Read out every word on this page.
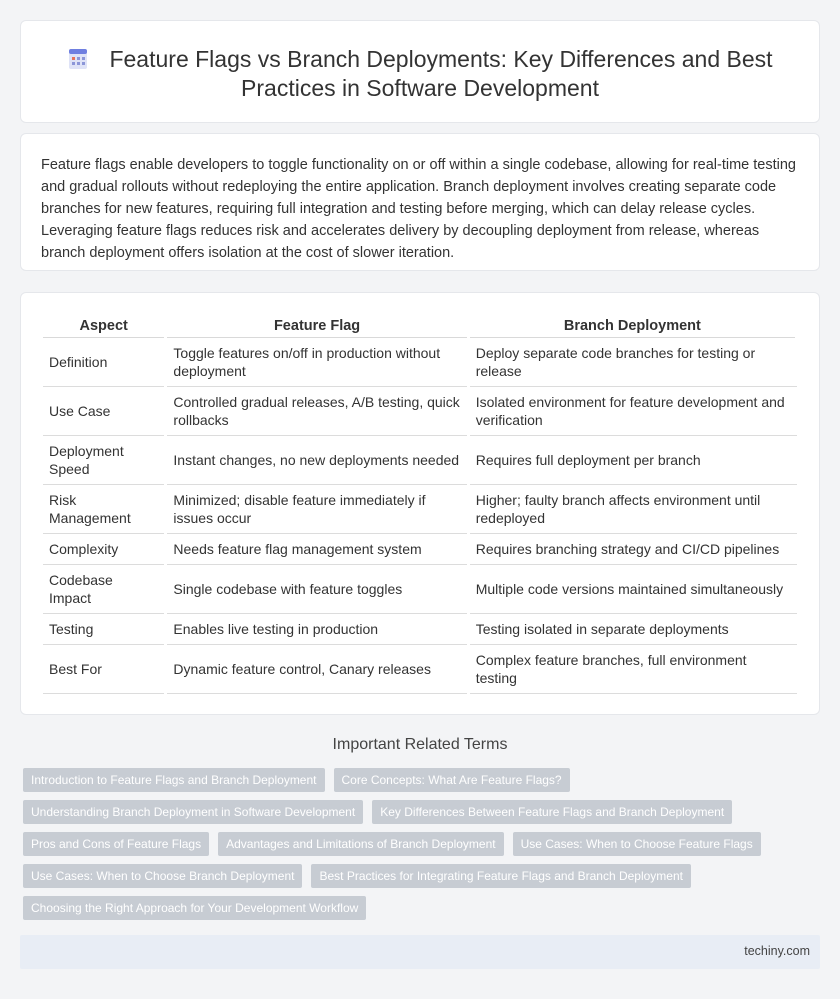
Feature Flags vs Branch Deployments: Key Differences and Best Practices in Software Development

Feature flags enable developers to toggle functionality on or off within a single codebase, allowing for real-time testing and gradual rollouts without redeploying the entire application. Branch deployment involves creating separate code branches for new features, requiring full integration and testing before merging, which can delay release cycles. Leveraging feature flags reduces risk and accelerates delivery by decoupling deployment from release, whereas branch deployment offers isolation at the cost of slower iteration.

Aspect	Feature Flag	Branch Deployment
Definition	Toggle features on/off in production without deployment	Deploy separate code branches for testing or release
Use Case	Controlled gradual releases, A/B testing, quick rollbacks	Isolated environment for feature development and verification
Deployment Speed	Instant changes, no new deployments needed	Requires full deployment per branch
Risk Management	Minimized; disable feature immediately if issues occur	Higher; faulty branch affects environment until redeployed
Complexity	Needs feature flag management system	Requires branching strategy and CI/CD pipelines
Codebase Impact	Single codebase with feature toggles	Multiple code versions maintained simultaneously
Testing	Enables live testing in production	Testing isolated in separate deployments
Best For	Dynamic feature control, Canary releases	Complex feature branches, full environment testing
Important Related Terms
Introduction to Feature Flags and Branch Deployment	Core Concepts: What Are Feature Flags?
Understanding Branch Deployment in Software Development	Key Differences Between Feature Flags and Branch Deployment
Pros and Cons of Feature Flags	Advantages and Limitations of Branch Deployment	Use Cases: When to Choose Feature Flags
Use Cases: When to Choose Branch Deployment	Best Practices for Integrating Feature Flags and Branch Deployment
Choosing the Right Approach for Your Development Workflow
techiny.com
